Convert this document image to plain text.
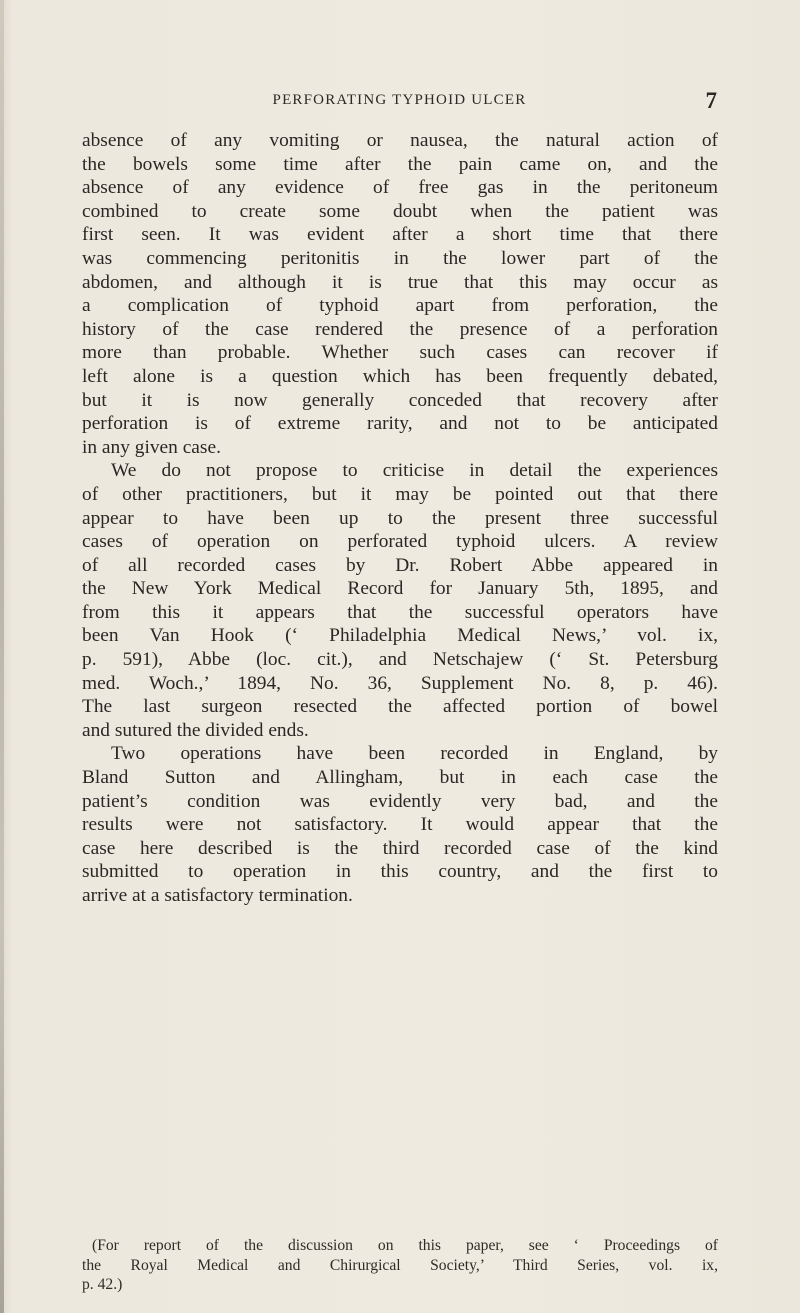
PERFORATING TYPHOID ULCER	7
absence of any vomiting or nausea, the natural action of
the bowels some time after the pain came on, and the
absence of any evidence of free gas in the peritoneum
combined to create some doubt when the patient was
first seen. It was evident after a short time that there
was commencing peritonitis in the lower part of the
abdomen, and although it is true that this may occur as
a complication of typhoid apart from perforation, the
history of the case rendered the presence of a perforation
more than probable. Whether such cases can recover if
left alone is a question which has been frequently debated,
but it is now generally conceded that recovery after
perforation is of extreme rarity, and not to be anticipated
in any given case.
We do not propose to criticise in detail the experiences
of other practitioners, but it may be pointed out that there
appear to have been up to the present three successful
cases of operation on perforated typhoid ulcers. A review
of all recorded cases by Dr. Robert Abbe appeared in
the New York Medical Record for January 5th, 1895, and
from this it appears that the successful operators have
been Van Hook (‘ Philadelphia Medical News,’ vol. ix,
p. 591), Abbe (loc. cit.), and Netschajew (‘ St. Petersburg
med. Woch.,’ 1894, No. 36, Supplement No. 8, p. 46).
The last surgeon resected the affected portion of bowel
and sutured the divided ends.
Two operations have been recorded in England, by
Bland Sutton and Allingham, but in each case the
patient’s condition was evidently very bad, and the
results were not satisfactory. It would appear that the
case here described is the third recorded case of the kind
submitted to operation in this country, and the first to
arrive at a satisfactory termination.
(For report of the discussion on this paper, see ‘ Proceedings of
the Royal Medical and Chirurgical Society,’ Third Series, vol. ix,
p. 42.)
